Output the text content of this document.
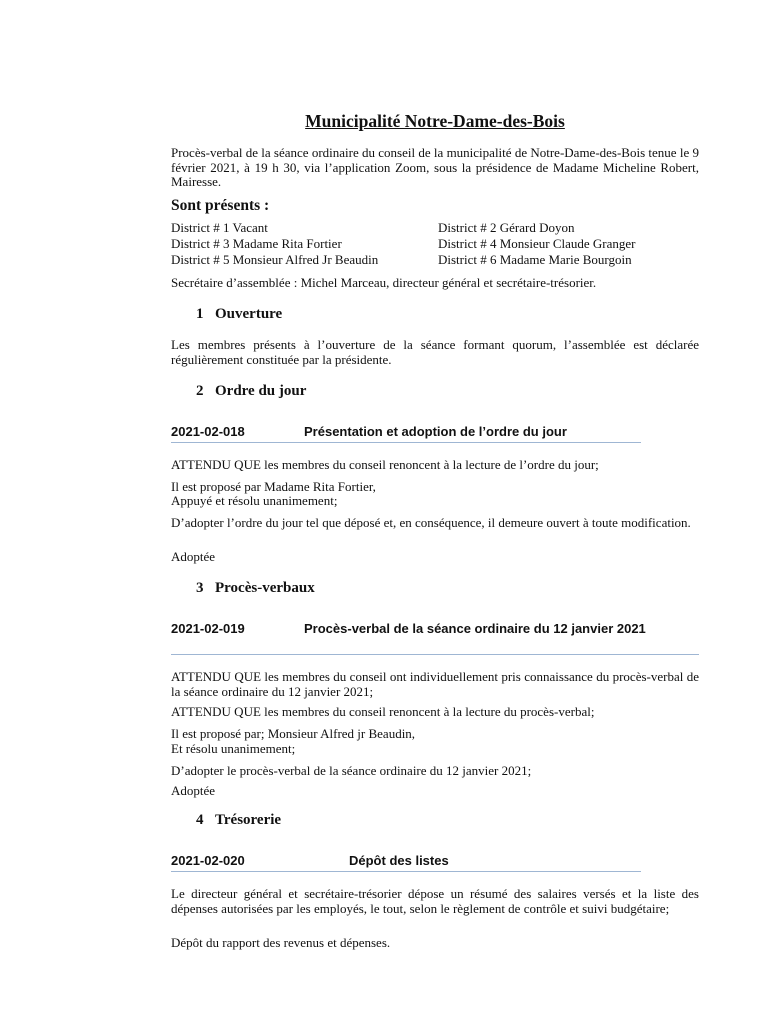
Municipalité Notre-Dame-des-Bois

Procès-verbal de la séance ordinaire du conseil de la municipalité de Notre-Dame-des-Bois tenue le 9 février 2021, à 19 h 30, via l’application Zoom, sous la présidence de Madame Micheline Robert, Mairesse.

Sont présents :
District # 1 Vacant	District # 2 Gérard Doyon
District # 3 Madame Rita Fortier	District # 4 Monsieur Claude Granger
District # 5 Monsieur Alfred Jr Beaudin	District # 6 Madame Marie Bourgoin

Secrétaire d’assemblée : Michel Marceau, directeur général et secrétaire-trésorier.

1 Ouverture

Les membres présents à l’ouverture de la séance formant quorum, l’assemblée est déclarée régulièrement constituée par la présidente.

2 Ordre du jour
2021-02-018	Présentation et adoption de l’ordre du jour

ATTENDU QUE les membres du conseil renoncent à la lecture de l’ordre du jour;

Il est proposé par Madame Rita Fortier,

Appuyé et résolu unanimement;

D’adopter l’ordre du jour tel que déposé et, en conséquence, il demeure ouvert à toute modification.

Adoptée

3 Procès-verbaux
2021-02-019	Procès-verbal de la séance ordinaire du 12 janvier 2021

ATTENDU QUE les membres du conseil ont individuellement pris connaissance du procès-verbal de la séance ordinaire du 12 janvier 2021;

ATTENDU QUE les membres du conseil renoncent à la lecture du procès-verbal;

Il est proposé par; Monsieur Alfred jr Beaudin,

Et résolu unanimement;

D’adopter le procès-verbal de la séance ordinaire du 12 janvier 2021;

Adoptée

4 Trésorerie
2021-02-020	Dépôt des listes

Le directeur général et secrétaire-trésorier dépose un résumé des salaires versés et la liste des dépenses autorisées par les employés, le tout, selon le règlement de contrôle et suivi budgétaire;

Dépôt du rapport des revenus et dépenses.
